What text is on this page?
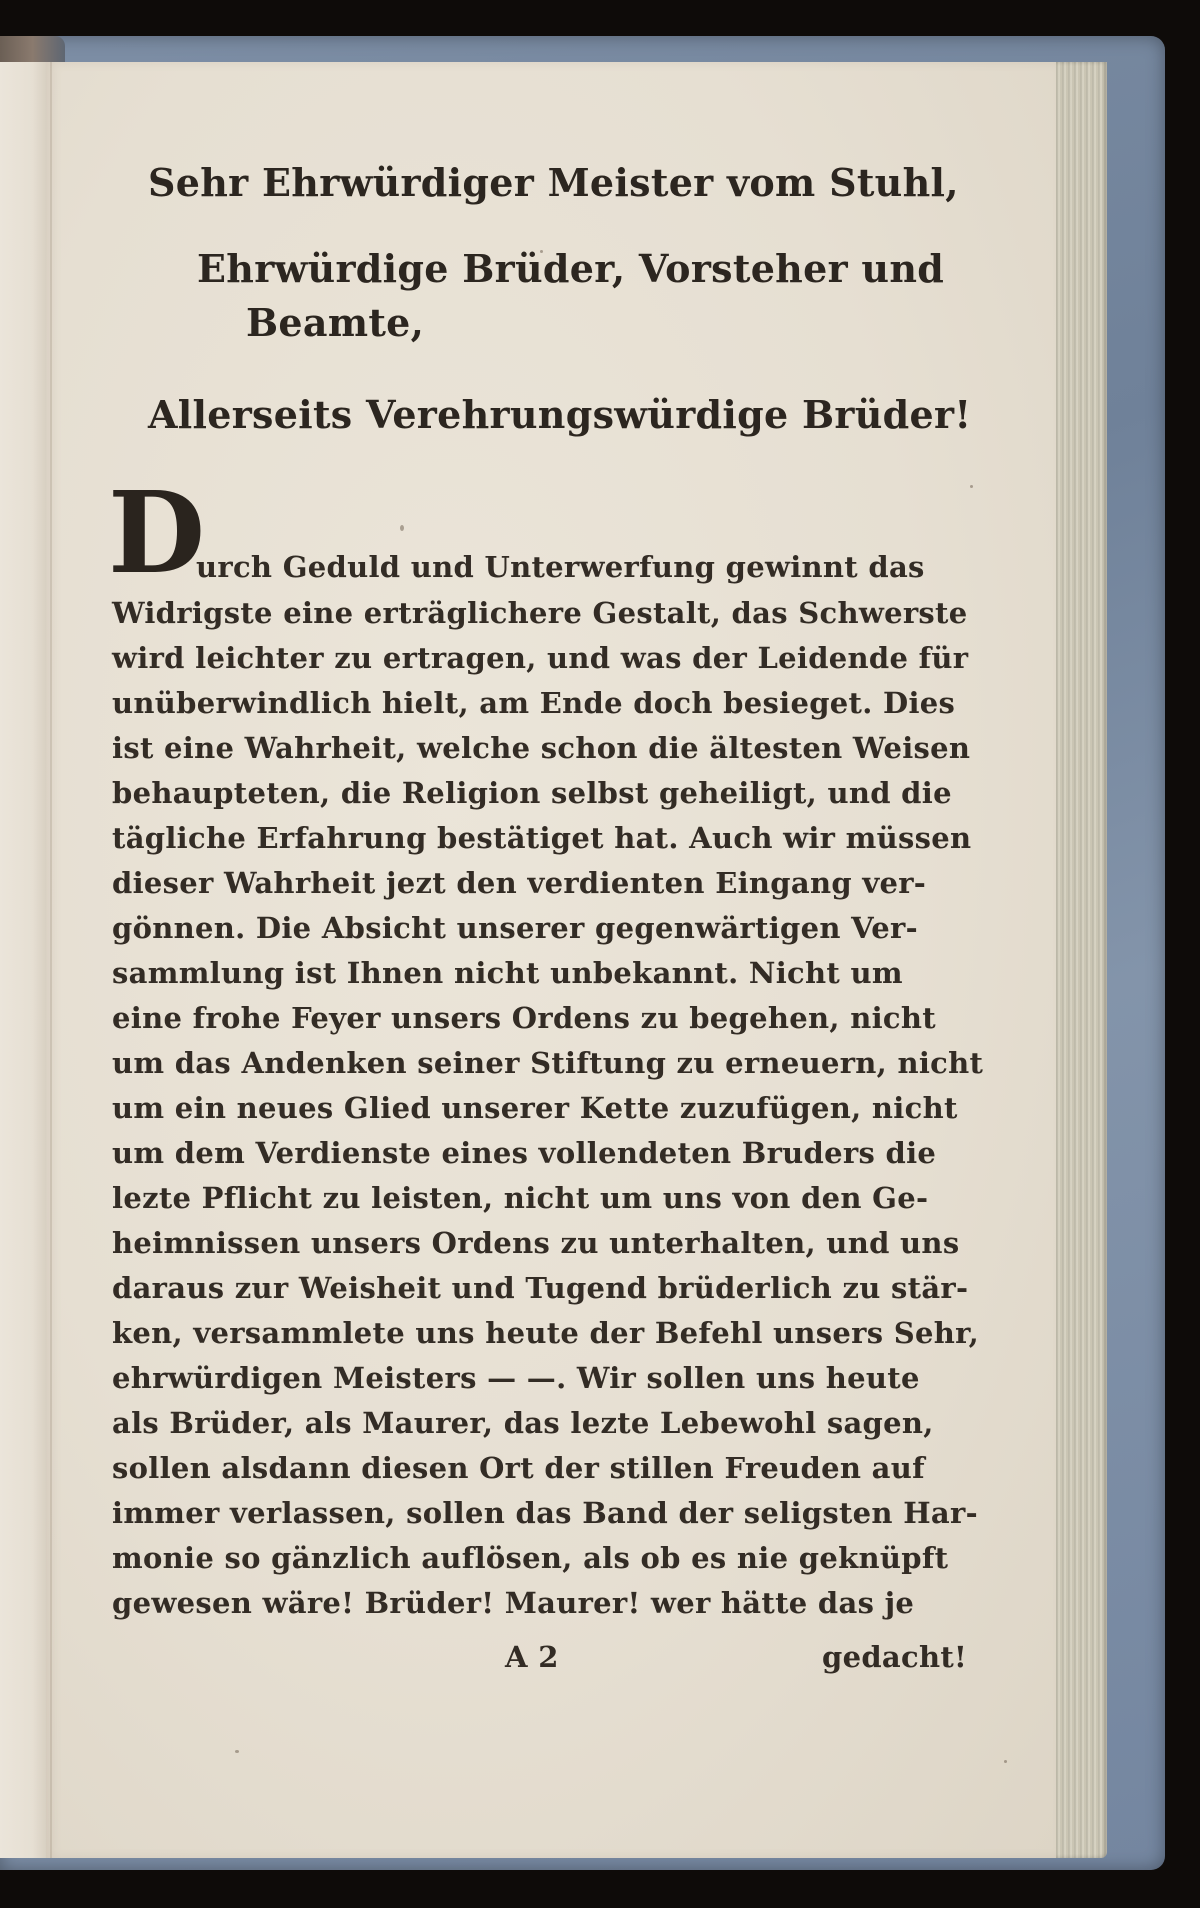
Sehr Ehrwürdiger Meister vom Stuhl,
Ehrwürdige Brüder, Vorsteher und
Beamte,
Allerseits Verehrungswürdige Brüder!
D
urch Geduld und Unterwerfung gewinnt das
Widrigste eine erträglichere Gestalt, das Schwerste
wird leichter zu ertragen, und was der Leidende für
unüberwindlich hielt, am Ende doch besieget. Dies
ist eine Wahrheit, welche schon die ältesten Weisen
behaupteten, die Religion selbst geheiligt, und die
tägliche Erfahrung bestätiget hat. Auch wir müssen
dieser Wahrheit jezt den verdienten Eingang ver-
gönnen. Die Absicht unserer gegenwärtigen Ver-
sammlung ist Ihnen nicht unbekannt. Nicht um
eine frohe Feyer unsers Ordens zu begehen, nicht
um das Andenken seiner Stiftung zu erneuern, nicht
um ein neues Glied unserer Kette zuzufügen, nicht
um dem Verdienste eines vollendeten Bruders die
lezte Pflicht zu leisten, nicht um uns von den Ge-
heimnissen unsers Ordens zu unterhalten, und uns
daraus zur Weisheit und Tugend brüderlich zu stär-
ken, versammlete uns heute der Befehl unsers Sehr,
ehrwürdigen Meisters — —. Wir sollen uns heute
als Brüder, als Maurer, das lezte Lebewohl sagen,
sollen alsdann diesen Ort der stillen Freuden auf
immer verlassen, sollen das Band der seligsten Har-
monie so gänzlich auflösen, als ob es nie geknüpft
gewesen wäre! Brüder! Maurer! wer hätte das je
A 2	gedacht!
